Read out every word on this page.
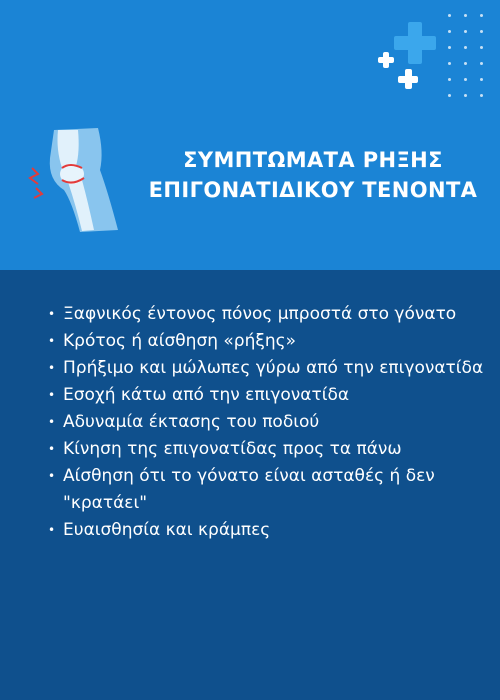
ΣΥΜΠΤΩΜΑΤΑ ΡΗΞΗΣ
ΕΠΙΓΟΝΑΤΙΔΙΚΟΥ ΤΕΝΟΝΤΑ
• Ξαφνικός έντονος πόνος μπροστά στο γόνατο
• Κρότος ή αίσθηση «ρήξης»
• Πρήξιμο και μώλωπες γύρω από την επιγονατίδα
• Εσοχή κάτω από την επιγονατίδα
• Αδυναμία έκτασης του ποδιού
• Κίνηση της επιγονατίδας προς τα πάνω
• Αίσθηση ότι το γόνατο είναι ασταθές ή δεν "κρατάει"
• Ευαισθησία και κράμπες
